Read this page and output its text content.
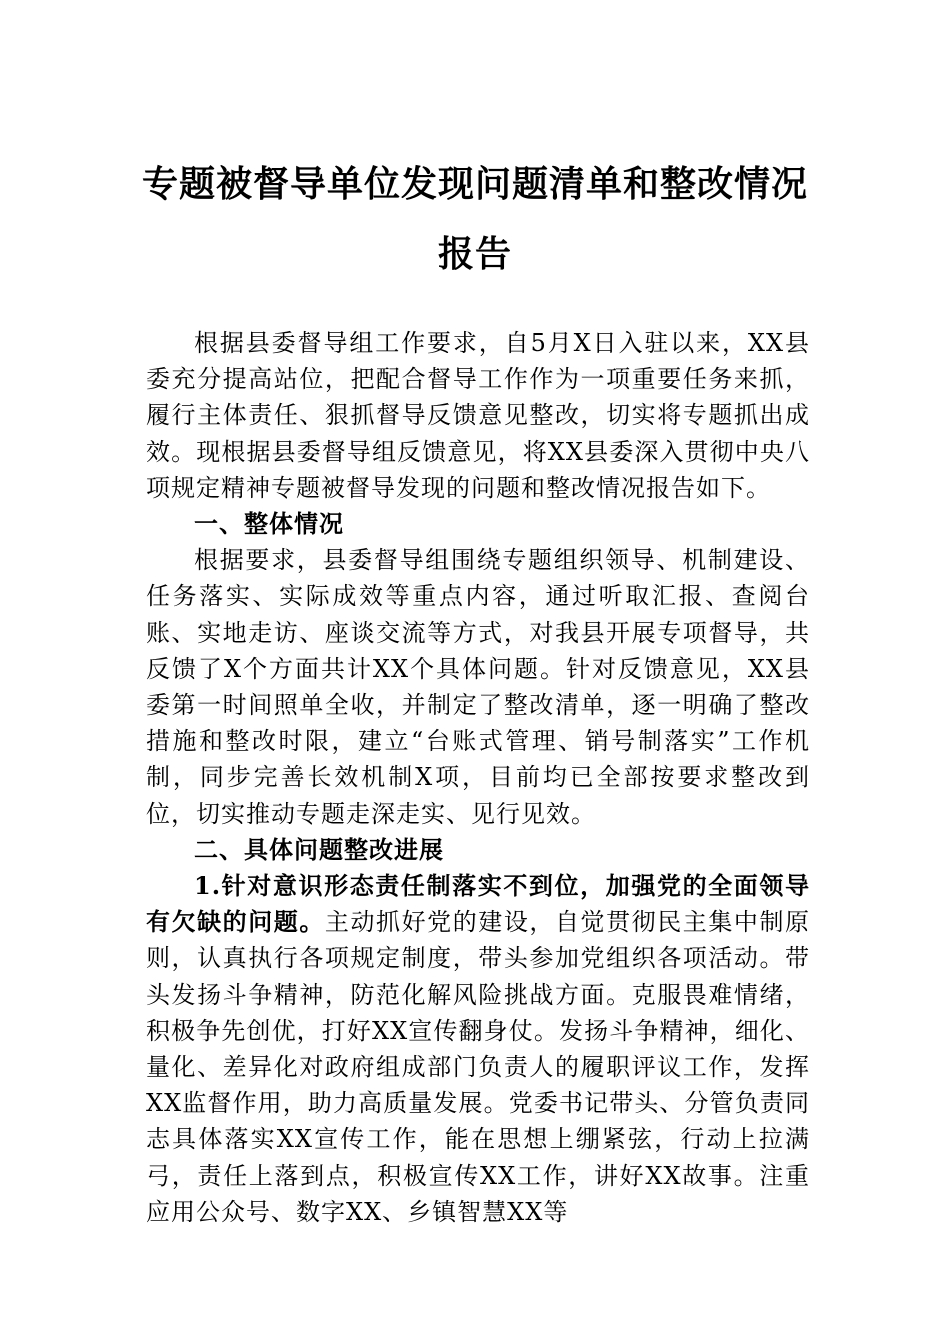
专题被督导单位发现问题清单和整改情况
报告

根据县委督导组工作要求，自5月X日入驻以来，XX县委充分提高站位，把配合督导工作作为一项重要任务来抓，履行主体责任、狠抓督导反馈意见整改，切实将专题抓出成效。现根据县委督导组反馈意见，将XX县委深入贯彻中央八项规定精神专题被督导发现的问题和整改情况报告如下。

一、整体情况

根据要求，县委督导组围绕专题组织领导、机制建设、任务落实、实际成效等重点内容，通过听取汇报、查阅台账、实地走访、座谈交流等方式，对我县开展专项督导，共反馈了X个方面共计XX个具体问题。针对反馈意见，XX县委第一时间照单全收，并制定了整改清单，逐一明确了整改措施和整改时限，建立“台账式管理、销号制落实”工作机制，同步完善长效机制X项，目前均已全部按要求整改到位，切实推动专题走深走实、见行见效。

二、具体问题整改进展

1.针对意识形态责任制落实不到位，加强党的全面领导有欠缺的问题。主动抓好党的建设，自觉贯彻民主集中制原则，认真执行各项规定制度，带头参加党组织各项活动。带头发扬斗争精神，防范化解风险挑战方面。克服畏难情绪，积极争先创优，打好XX宣传翻身仗。发扬斗争精神，细化、量化、差异化对政府组成部门负责人的履职评议工作，发挥XX监督作用，助力高质量发展。党委书记带头、分管负责同志具体落实XX宣传工作，能在思想上绷紧弦，行动上拉满弓，责任上落到点，积极宣传XX工作，讲好XX故事。注重应用公众号、数字XX、乡镇智慧XX等
